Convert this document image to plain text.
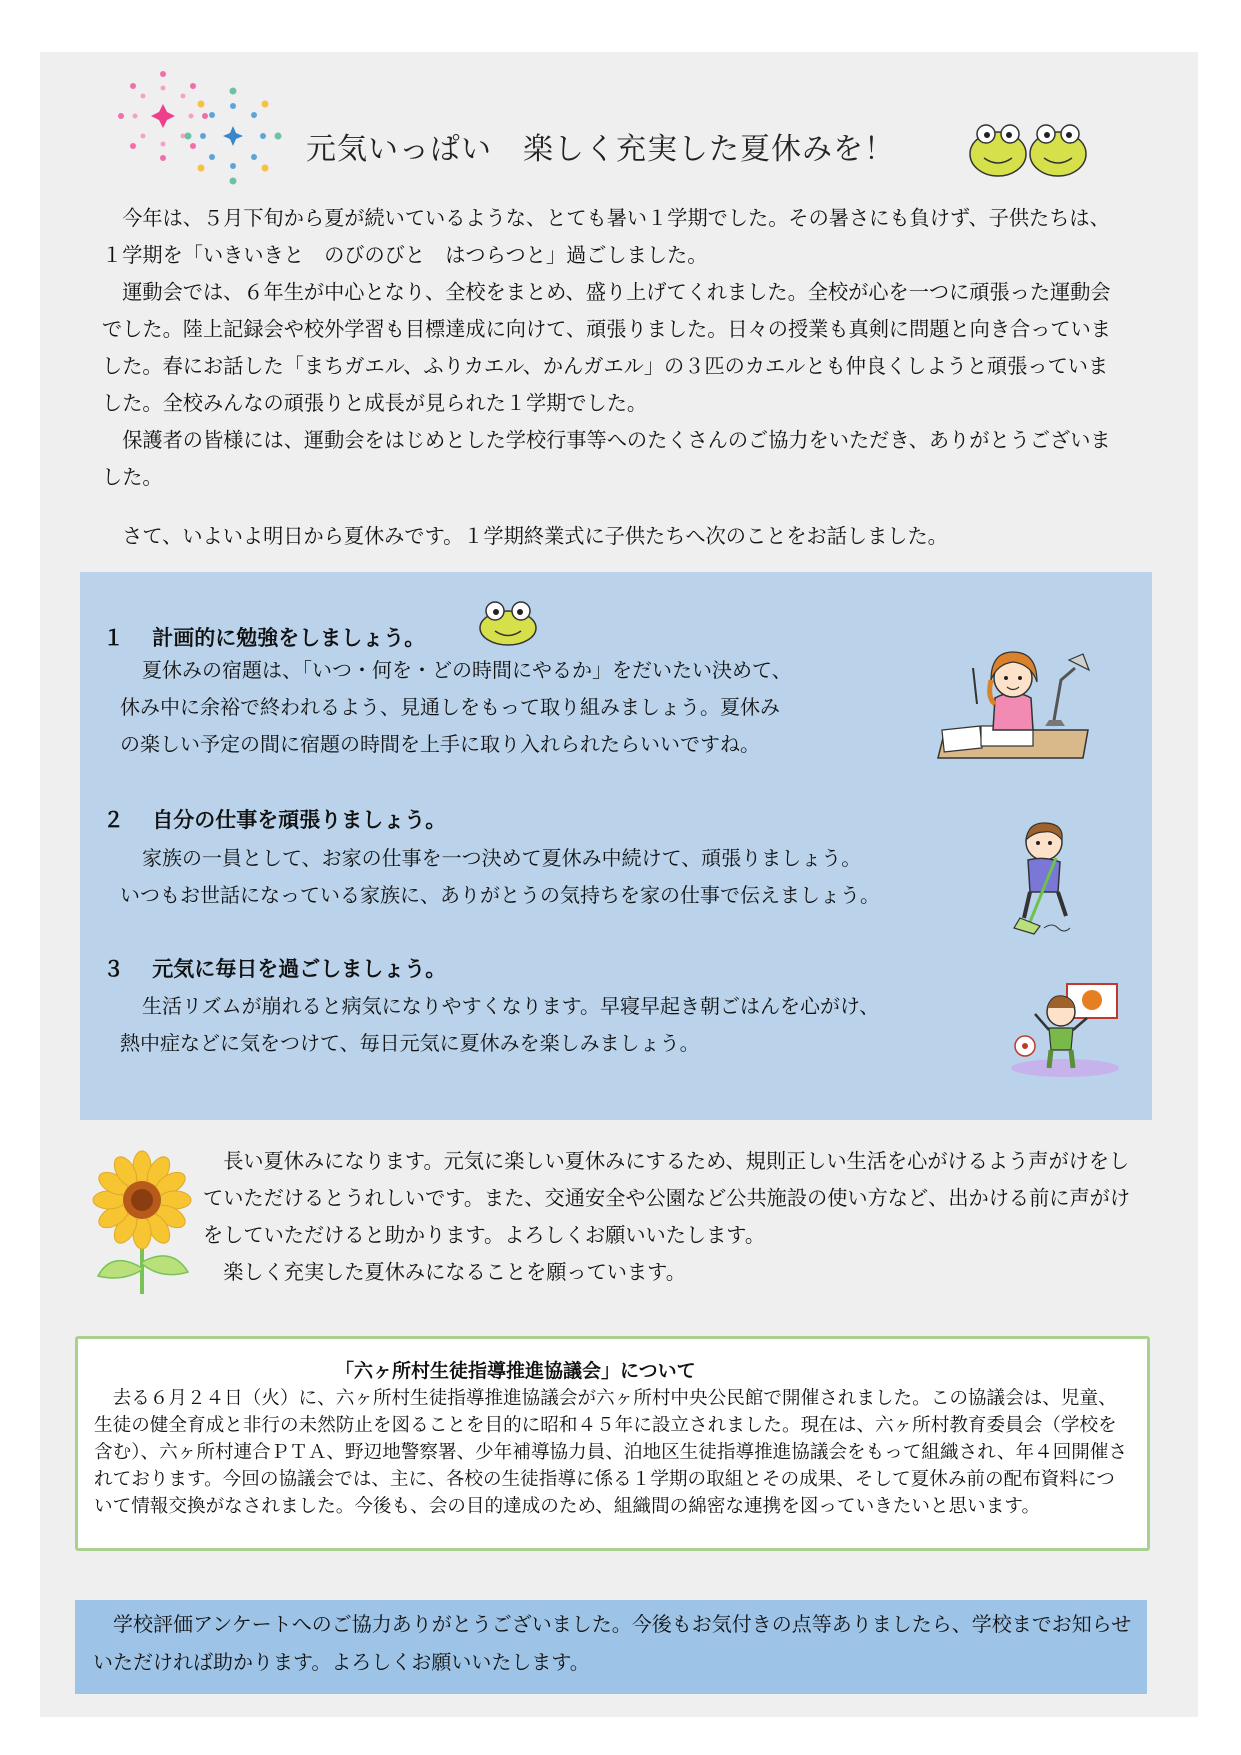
元気いっぱい　楽しく充実した夏休みを！

今年は、５月下旬から夏が続いているような、とても暑い１学期でした。その暑さにも負けず、子供たちは、１学期を「いきいきと　のびのびと　はつらつと」過ごしました。

運動会では、６年生が中心となり、全校をまとめ、盛り上げてくれました。全校が心を一つに頑張った運動会でした。陸上記録会や校外学習も目標達成に向けて、頑張りました。日々の授業も真剣に問題と向き合っていました。春にお話した「まちガエル、ふりカエル、かんガエル」の３匹のカエルとも仲良くしようと頑張っていました。全校みんなの頑張りと成長が見られた１学期でした。

保護者の皆様には、運動会をはじめとした学校行事等へのたくさんのご協力をいただき、ありがとうございました。

さて、いよいよ明日から夏休みです。１学期終業式に子供たちへ次のことをお話しました。

１　 計画的に勉強をしましょう。
夏休みの宿題は、「いつ・何を・どの時間にやるか」をだいたい決めて、
休み中に余裕で終われるよう、見通しをもって取り組みましょう。夏休み
の楽しい予定の間に宿題の時間を上手に取り入れられたらいいですね。
２　 自分の仕事を頑張りましょう。
家族の一員として、お家の仕事を一つ決めて夏休み中続けて、頑張りましょう。
いつもお世話になっている家族に、ありがとうの気持ちを家の仕事で伝えましょう。
３　 元気に毎日を過ごしましょう。
生活リズムが崩れると病気になりやすくなります。早寝早起き朝ごはんを心がけ、
熱中症などに気をつけて、毎日元気に夏休みを楽しみましょう。

長い夏休みになります。元気に楽しい夏休みにするため、規則正しい生活を心がけるよう声がけをしていただけるとうれしいです。また、交通安全や公園など公共施設の使い方など、出かける前に声がけをしていただけると助かります。よろしくお願いいたします。

楽しく充実した夏休みになることを願っています。

「六ヶ所村生徒指導推進協議会」について

去る６月２４日（火）に、六ヶ所村生徒指導推進協議会が六ヶ所村中央公民館で開催されました。この協議会は、児童、生徒の健全育成と非行の未然防止を図ることを目的に昭和４５年に設立されました。現在は、六ヶ所村教育委員会（学校を含む）、六ヶ所村連合ＰＴＡ、野辺地警察署、少年補導協力員、泊地区生徒指導推進協議会をもって組織され、年４回開催されております。今回の協議会では、主に、各校の生徒指導に係る１学期の取組とその成果、そして夏休み前の配布資料について情報交換がなされました。今後も、会の目的達成のため、組織間の綿密な連携を図っていきたいと思います。

学校評価アンケートへのご協力ありがとうございました。今後もお気付きの点等ありましたら、学校までお知らせいただければ助かります。よろしくお願いいたします。
